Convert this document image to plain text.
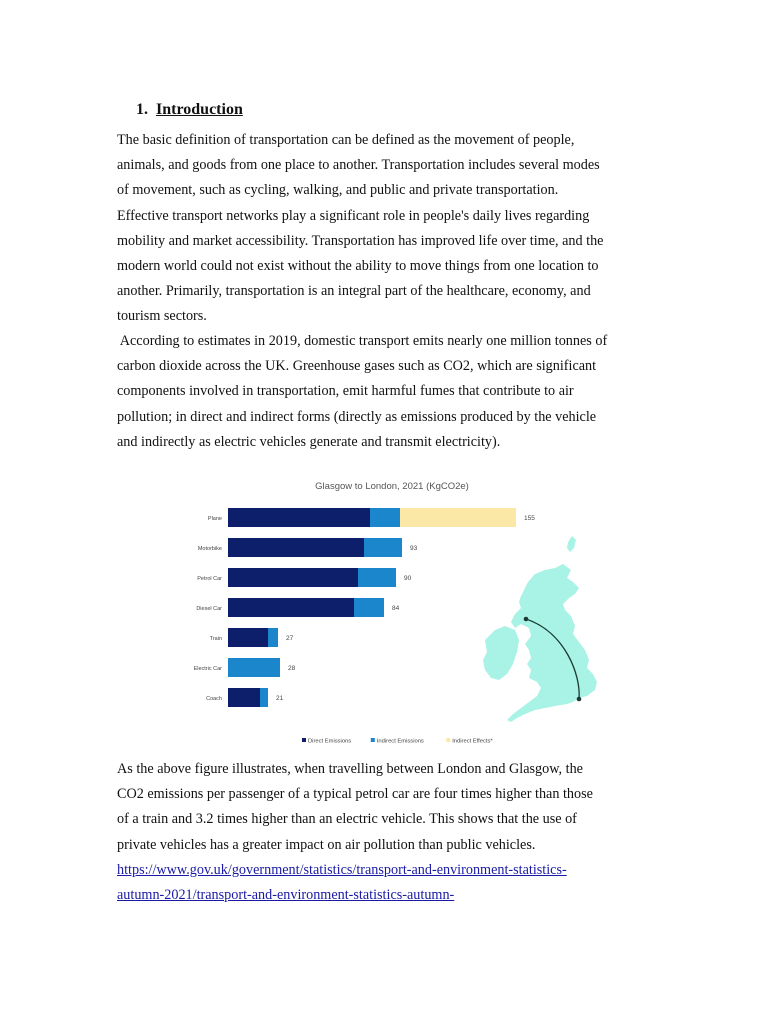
1. Introduction

The basic definition of transportation can be defined as the movement of people,
animals, and goods from one place to another. Transportation includes several modes
of movement, such as cycling, walking, and public and private transportation.
Effective transport networks play a significant role in people's daily lives regarding
mobility and market accessibility. Transportation has improved life over time, and the
modern world could not exist without the ability to move things from one location to
another. Primarily, transportation is an integral part of the healthcare, economy, and
tourism sectors.

According to estimates in 2019, domestic transport emits nearly one million tonnes of
carbon dioxide across the UK. Greenhouse gases such as CO2, which are significant
components involved in transportation, emit harmful fumes that contribute to air
pollution; in direct and indirect forms (directly as emissions produced by the vehicle
and indirectly as electric vehicles generate and transmit electricity).

Glasgow to London, 2021 (KgCO2e)
Plane	155
Motorbike	93
Petrol Car	90
Diesel Car	84
Train	27
Electric Car	28
Coach	21
Direct Emissions	Indirect Emissions	Indirect Effects*

As the above figure illustrates, when travelling between London and Glasgow, the
CO2 emissions per passenger of a typical petrol car are four times higher than those
of a train and 3.2 times higher than an electric vehicle. This shows that the use of
private vehicles has a greater impact on air pollution than public vehicles.
https://www.gov.uk/government/statistics/transport-and-environment-statistics-
autumn-2021/transport-and-environment-statistics-autumn-
